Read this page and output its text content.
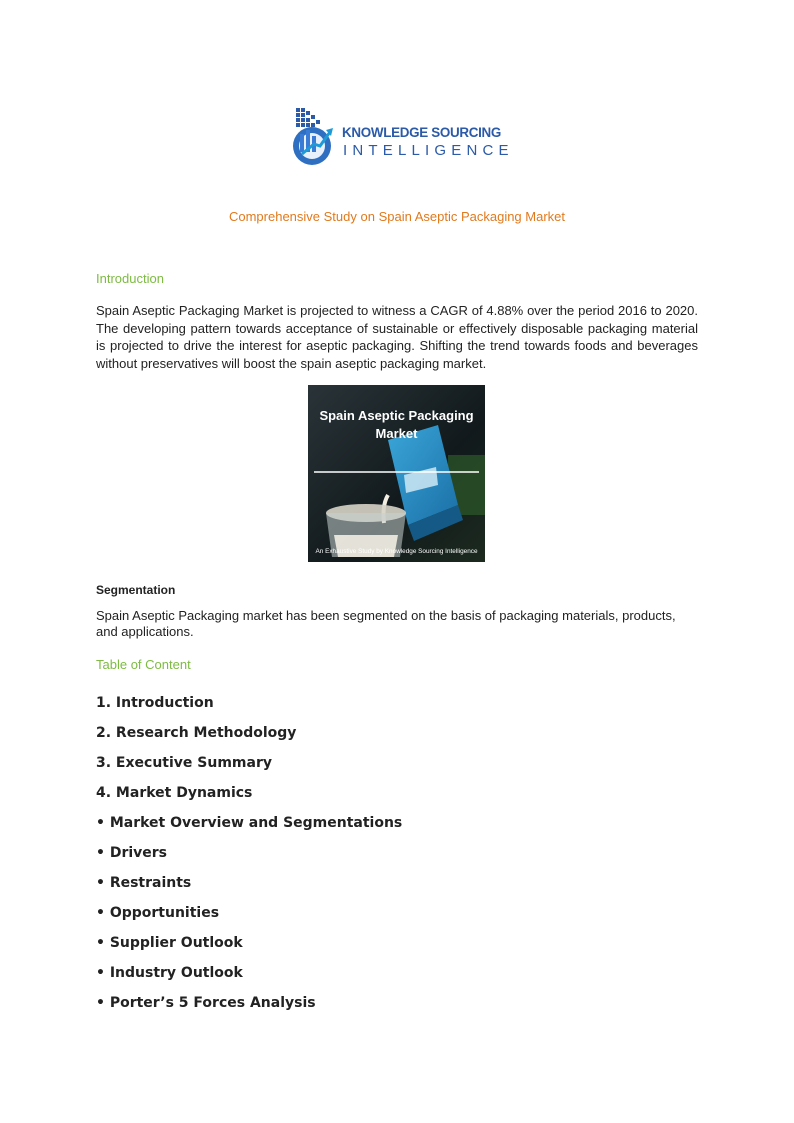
KNOWLEDGE SOURCING
INTELLIGENCE
Comprehensive Study on Spain Aseptic Packaging Market
Introduction
Spain Aseptic Packaging Market is projected to witness a CAGR of 4.88% over the period 2016 to 2020. The developing pattern towards acceptance of sustainable or effectively disposable packaging material is projected to drive the interest for aseptic packaging. Shifting the trend towards foods and beverages without preservatives will boost the spain aseptic packaging market.
Spain Aseptic Packaging
Market
An Exhaustive Study by Knowledge Sourcing Intelligence
Segmentation
Spain Aseptic Packaging market has been segmented on the basis of packaging materials, products, and applications.
Table of Content
1. Introduction
2. Research Methodology
3. Executive Summary
4. Market Dynamics
• Market Overview and Segmentations
• Drivers
• Restraints
• Opportunities
• Supplier Outlook
• Industry Outlook
• Porter’s 5 Forces Analysis
